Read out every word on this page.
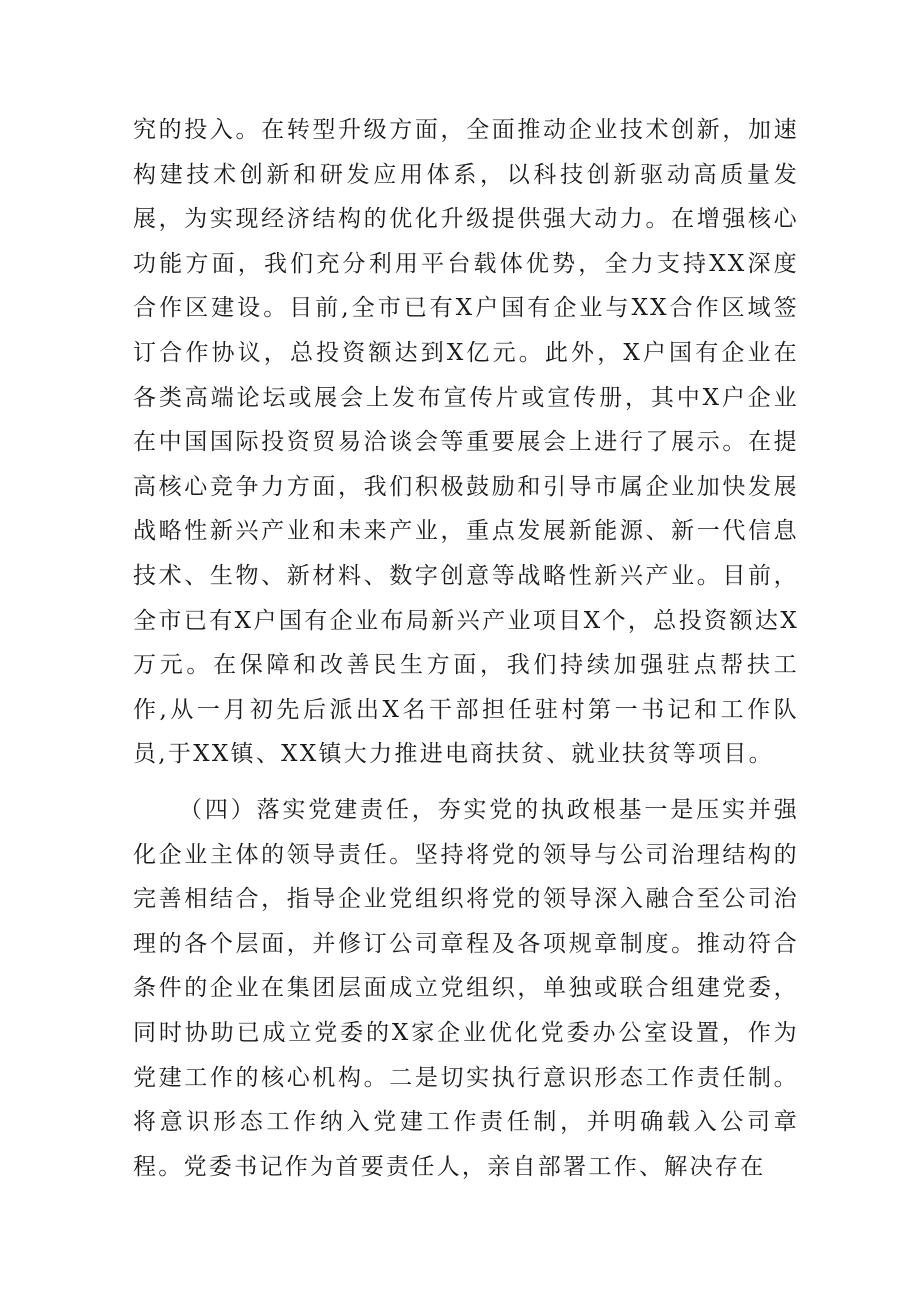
究的投入。在转型升级方面，全面推动企业技术创新，加速构建技术创新和研发应用体系，以科技创新驱动高质量发展，为实现经济结构的优化升级提供强大动力。在增强核心功能方面，我们充分利用平台载体优势，全力支持XX深度合作区建设。目前,全市已有X户国有企业与XX合作区域签订合作协议，总投资额达到X亿元。此外，X户国有企业在各类高端论坛或展会上发布宣传片或宣传册，其中X户企业在中国国际投资贸易洽谈会等重要展会上进行了展示。在提高核心竞争力方面，我们积极鼓励和引导市属企业加快发展战略性新兴产业和未来产业，重点发展新能源、新一代信息技术、生物、新材料、数字创意等战略性新兴产业。目前，全市已有X户国有企业布局新兴产业项目X个，总投资额达X万元。在保障和改善民生方面，我们持续加强驻点帮扶工作,从一月初先后派出X名干部担任驻村第一书记和工作队员,于XX镇、XX镇大力推进电商扶贫、就业扶贫等项目。

（四）落实党建责任，夯实党的执政根基一是压实并强化企业主体的领导责任。坚持将党的领导与公司治理结构的完善相结合，指导企业党组织将党的领导深入融合至公司治理的各个层面，并修订公司章程及各项规章制度。推动符合条件的企业在集团层面成立党组织，单独或联合组建党委，同时协助已成立党委的X家企业优化党委办公室设置，作为党建工作的核心机构。二是切实执行意识形态工作责任制。将意识形态工作纳入党建工作责任制，并明确载入公司章程。党委书记作为首要责任人，亲自部署工作、解决存在
